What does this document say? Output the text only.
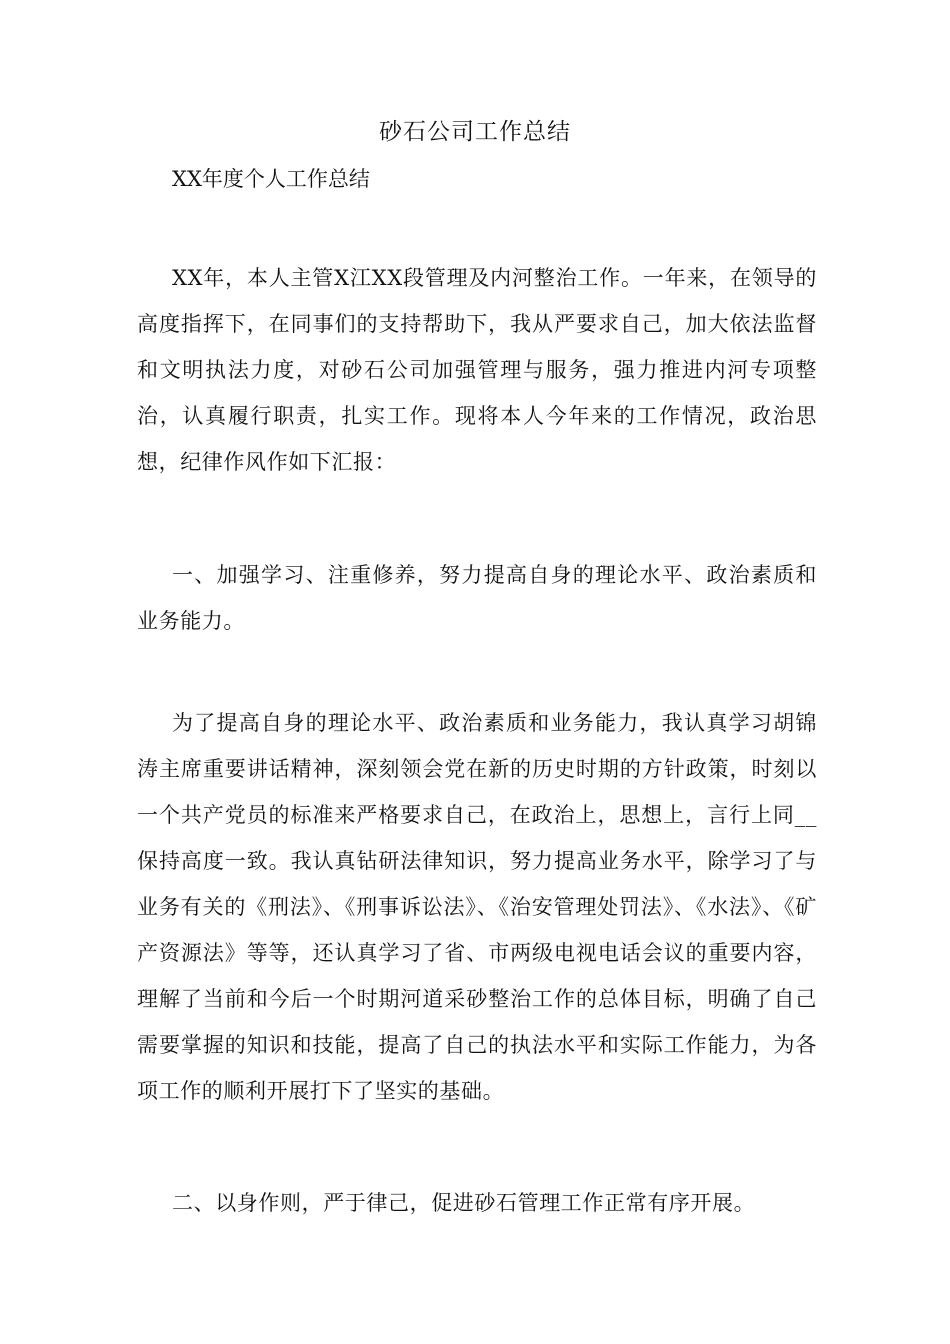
砂石公司工作总结
XX年度个人工作总结

XX年，本人主管X江XX段管理及内河整治工作。一年来，在领导的高度指挥下，在同事们的支持帮助下，我从严要求自己，加大依法监督和文明执法力度，对砂石公司加强管理与服务，强力推进内河专项整治，认真履行职责，扎实工作。现将本人今年来的工作情况，政治思想，纪律作风作如下汇报：

一、加强学习、注重修养，努力提高自身的理论水平、政治素质和业务能力。

为了提高自身的理论水平、政治素质和业务能力，我认真学习胡锦涛主席重要讲话精神，深刻领会党在新的历史时期的方针政策，时刻以一个共产党员的标准来严格要求自己，在政治上，思想上，言行上同__保持高度一致。我认真钻研法律知识，努力提高业务水平，除学习了与业务有关的《刑法》、《刑事诉讼法》、《治安管理处罚法》、《水法》、《矿产资源法》等等，还认真学习了省、市两级电视电话会议的重要内容，理解了当前和今后一个时期河道采砂整治工作的总体目标，明确了自己需要掌握的知识和技能，提高了自己的执法水平和实际工作能力，为各项工作的顺利开展打下了坚实的基础。

二、以身作则，严于律己，促进砂石管理工作正常有序开展。
